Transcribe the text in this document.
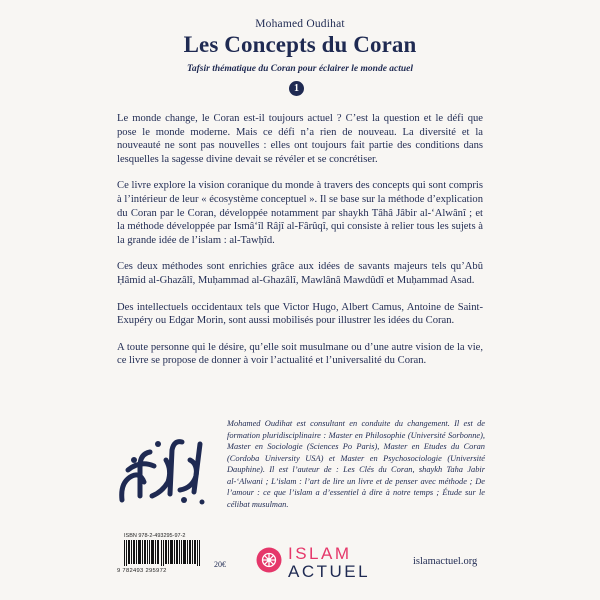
Mohamed Oudihat
Les Concepts du Coran
Tafsir thématique du Coran pour éclairer le monde actuel
1

Le monde change, le Coran est-il toujours actuel ? C’est la question et le défi que pose le monde moderne. Mais ce défi n’a rien de nouveau. La diversité et la nouveauté ne sont pas nouvelles : elles ont toujours fait partie des conditions dans lesquelles la sagesse divine devait se révéler et se concrétiser.

Ce livre explore la vision coranique du monde à travers des concepts qui sont compris à l’intérieur de leur « écosystème conceptuel ». Il se base sur la méthode d’explication du Coran par le Coran, développée notamment par shaykh Tâhâ Jâbir al-‘Alwânî ; et la méthode développée par Ismâ‘îl Râjî al-Fârûqî, qui consiste à relier tous les sujets à la grande idée de l’islam : al-Tawḥîd.

Ces deux méthodes sont enrichies grâce aux idées de savants majeurs tels qu’Abû Ḥâmid al-Ghazâlî, Muḥammad al-Ghazâlî, Mawlânâ Mawdûdî et Muḥammad Asad.

Des intellectuels occidentaux tels que Victor Hugo, Albert Camus, Antoine de Saint-Exupéry ou Edgar Morin, sont aussi mobilisés pour illustrer les idées du Coran.

A toute personne qui le désire, qu’elle soit musulmane ou d’une autre vision de la vie, ce livre se propose de donner à voir l’actualité et l’universalité du Coran.

Mohamed Oudihat est consultant en conduite du changement. Il est de formation pluridisciplinaire : Master en Philosophie (Université Sorbonne), Master en Sociologie (Sciences Po Paris), Master en Etudes du Coran (Cordoba University USA) et Master en Psychosociologie (Université Dauphine). Il est l’auteur de : Les Clés du Coran, shaykh Taha Jabir al-‘Alwani ; L’islam : l’art de lire un livre et de penser avec méthode ; De l’amour : ce que l’islam a d’essentiel à dire à notre temps ; Étude sur le célibat musulman.
ISBN 978-2-493295-97-2
9 782493 295972
20€
ISLAM
ACTUEL
islamactuel.org
